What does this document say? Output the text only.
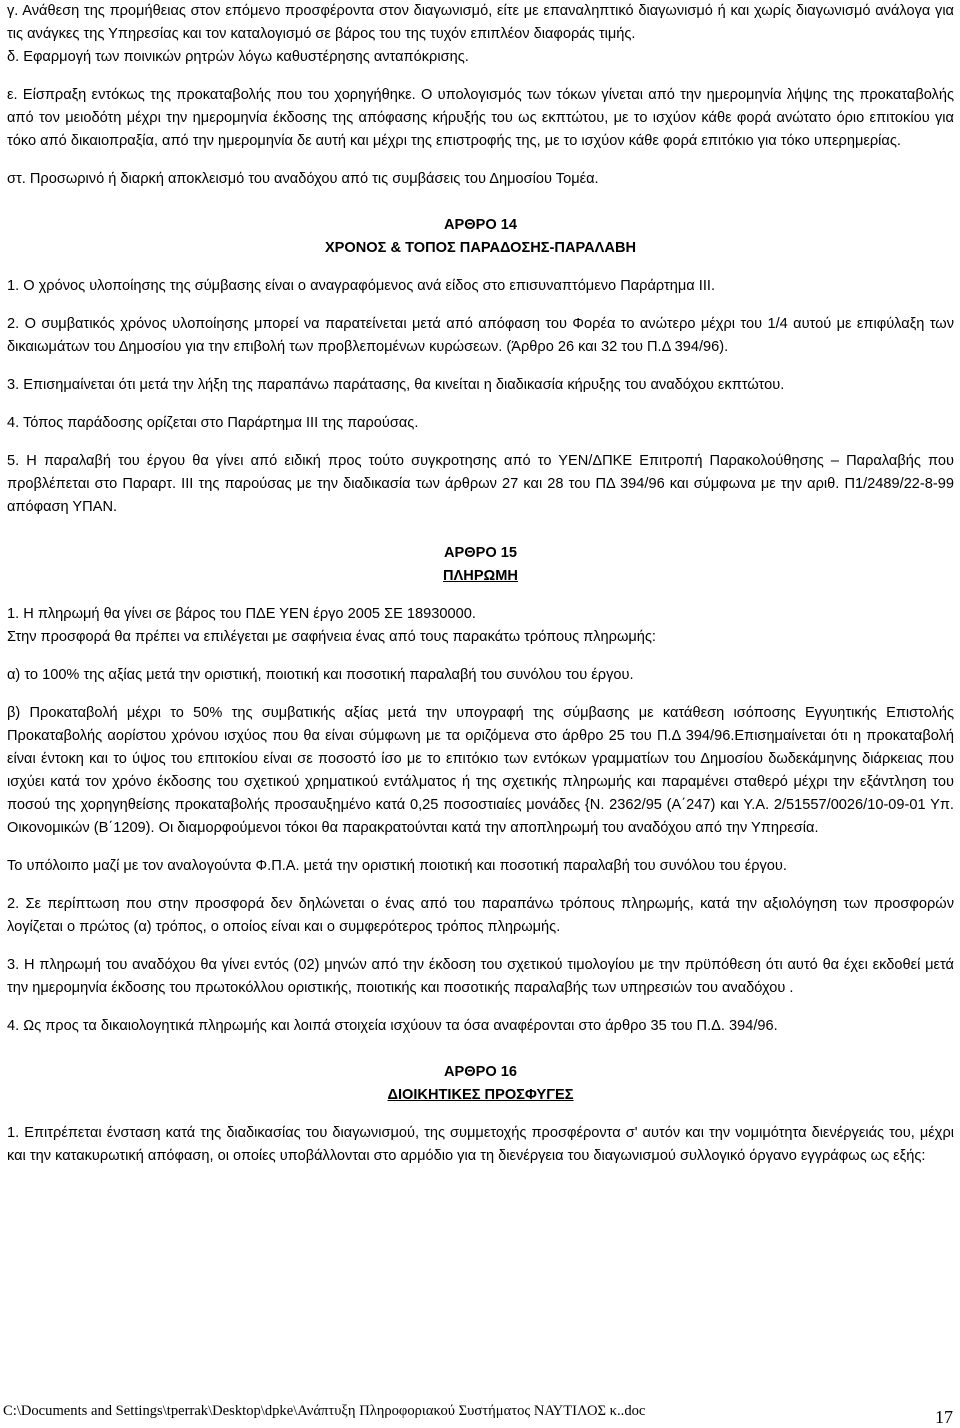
γ. Ανάθεση της προμήθειας στον επόμενο προσφέροντα στον διαγωνισμό, είτε με επαναληπτικό διαγωνισμό ή και χωρίς διαγωνισμό ανάλογα για τις ανάγκες της Υπηρεσίας και τον καταλογισμό σε βάρος του της τυχόν επιπλέον διαφοράς τιμής.

δ. Εφαρμογή των ποινικών ρητρών λόγω καθυστέρησης ανταπόκρισης.

ε. Είσπραξη εντόκως της προκαταβολής που του χορηγήθηκε. Ο υπολογισμός των τόκων γίνεται από την ημερομηνία λήψης της προκαταβολής από τον μειοδότη μέχρι την ημερομηνία έκδοσης της απόφασης κήρυξής του ως εκπτώτου, με το ισχύον κάθε φορά ανώτατο όριο επιτοκίου για τόκο από δικαιοπραξία, από την ημερομηνία δε αυτή και μέχρι της επιστροφής της, με το ισχύον κάθε φορά επιτόκιο για τόκο υπερημερίας.

στ. Προσωρινό ή διαρκή αποκλεισμό του αναδόχου από τις συμβάσεις του Δημοσίου Τομέα.

ΑΡΘΡΟ 14

ΧΡΟΝΟΣ & ΤΟΠΟΣ ΠΑΡΑΔΟΣΗΣ-ΠΑΡΑΛΑΒΗ

1. Ο χρόνος υλοποίησης της σύμβασης είναι ο αναγραφόμενος ανά είδος στο επισυναπτόμενο Παράρτημα ΙΙΙ.

2. Ο συμβατικός χρόνος υλοποίησης μπορεί να παρατείνεται μετά από απόφαση του Φορέα το ανώτερο μέχρι του 1/4 αυτού με επιφύλαξη των δικαιωμάτων του Δημοσίου για την επιβολή των προβλεπομένων κυρώσεων. (Άρθρο 26 και 32 του Π.Δ 394/96).

3. Επισημαίνεται ότι μετά την λήξη της παραπάνω παράτασης, θα κινείται η διαδικασία κήρυξης του αναδόχου εκπτώτου.

4. Τόπος παράδοσης ορίζεται στο Παράρτημα ΙΙΙ της παρούσας.

5. Η παραλαβή του έργου θα γίνει από ειδική προς τούτο συγκροτησης από το ΥΕΝ/ΔΠΚΕ Επιτροπή Παρακολούθησης – Παραλαβής που προβλέπεται στο Παραρτ. ΙΙΙ της παρούσας με την διαδικασία των άρθρων 27 και 28 του ΠΔ 394/96 και σύμφωνα με την αριθ. Π1/2489/22-8-99 απόφαση ΥΠΑΝ.

ΑΡΘΡΟ 15

ΠΛΗΡΩΜΗ

1. Η πληρωμή θα γίνει σε βάρος του ΠΔΕ ΥΕΝ έργο 2005 ΣΕ 18930000.

Στην προσφορά θα πρέπει να επιλέγεται με σαφήνεια ένας από τους παρακάτω τρόπους πληρωμής:

α) το 100% της αξίας μετά την οριστική, ποιοτική και ποσοτική παραλαβή του συνόλου του έργου.

β) Προκαταβολή μέχρι το 50% της συμβατικής αξίας μετά την υπογραφή της σύμβασης με κατάθεση ισόποσης Εγγυητικής Επιστολής Προκαταβολής αορίστου χρόνου ισχύος που θα είναι σύμφωνη με τα οριζόμενα στο άρθρο 25 του Π.Δ 394/96.Επισημαίνεται ότι η προκαταβολή είναι έντοκη και το ύψος του επιτοκίου είναι σε ποσοστό ίσο με το επιτόκιο των εντόκων γραμματίων του Δημοσίου δωδεκάμηνης διάρκειας που ισχύει κατά τον χρόνο έκδοσης του σχετικού χρηματικού εντάλματος ή της σχετικής πληρωμής και παραμένει σταθερό μέχρι την εξάντληση του ποσού της χορηγηθείσης προκαταβολής προσαυξημένο κατά 0,25 ποσοστιαίες μονάδες {Ν. 2362/95 (Α΄247) και Υ.Α. 2/51557/0026/10-09-01 Υπ. Οικονομικών (Β΄1209). Οι διαμορφούμενοι τόκοι θα παρακρατούνται κατά την αποπληρωμή του αναδόχου από την Υπηρεσία.

Το υπόλοιπο μαζί με τον αναλογούντα Φ.Π.Α. μετά την οριστική ποιοτική και ποσοτική παραλαβή του συνόλου του έργου.

2. Σε περίπτωση που στην προσφορά δεν δηλώνεται ο ένας από του παραπάνω τρόπους πληρωμής, κατά την αξιολόγηση των προσφορών λογίζεται ο πρώτος (α) τρόπος, ο οποίος είναι και ο συμφερότερος τρόπος πληρωμής.

3. Η πληρωμή του αναδόχου θα γίνει εντός (02) μηνών από την έκδοση του σχετικού τιμολογίου με την πρϋπόθεση ότι αυτό θα έχει εκδοθεί μετά την ημερομηνία έκδοσης του πρωτοκόλλου οριστικής, ποιοτικής και ποσοτικής παραλαβής των υπηρεσιών του αναδόχου .

4. Ως προς τα δικαιολογητικά πληρωμής και λοιπά στοιχεία ισχύουν τα όσα αναφέρονται στο άρθρο 35 του Π.Δ. 394/96.

ΑΡΘΡΟ 16

ΔΙΟΙΚΗΤΙΚΕΣ ΠΡΟΣΦΥΓΕΣ

1. Επιτρέπεται ένσταση κατά της διαδικασίας του διαγωνισμού, της συμμετοχής προσφέροντα σ' αυτόν και την νομιμότητα διενέργειάς του, μέχρι και την κατακυρωτική απόφαση, οι οποίες υποβάλλονται στο αρμόδιο για τη διενέργεια του διαγωνισμού συλλογικό όργανο εγγράφως ως εξής:

C:\Documents and Settings\tperrak\Desktop\dpke\Ανάπτυξη Πληροφοριακού Συστήματος ΝΑΥΤΙΛΟΣ κ..doc	17
